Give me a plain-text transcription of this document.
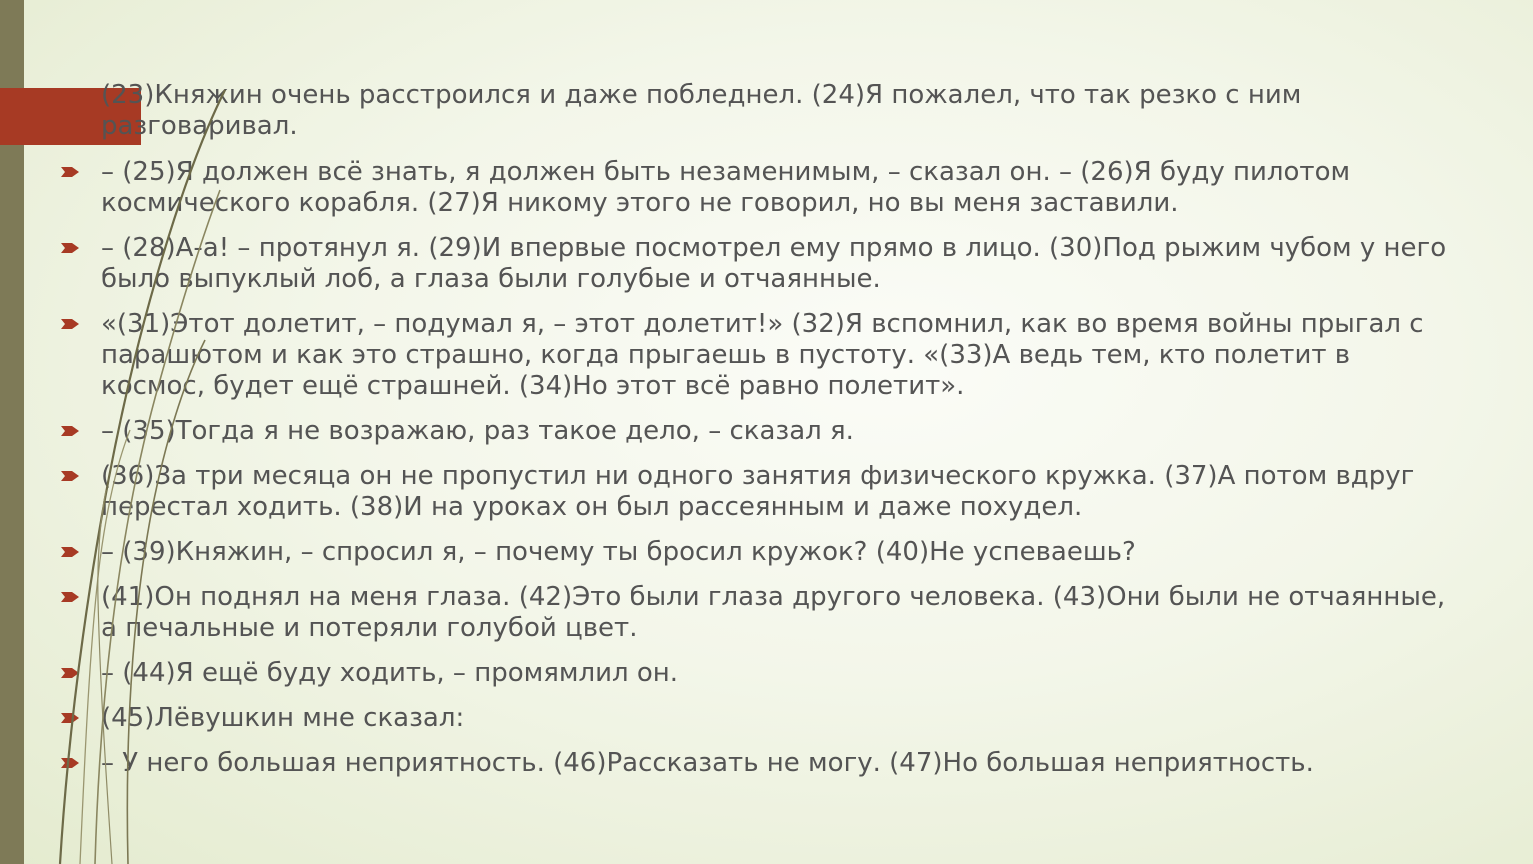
(23)Княжин очень расстроился и даже побледнел. (24)Я пожалел, что так резко с ним разговаривал.
– (25)Я должен всё знать, я должен быть незаменимым, – сказал он. – (26)Я буду пилотом космического корабля. (27)Я никому этого не говорил, но вы меня заставили.
– (28)А-а! – протянул я. (29)И впервые посмотрел ему прямо в лицо. (30)Под рыжим чубом у него было выпуклый лоб, а глаза были голубые и отчаянные.
«(31)Этот долетит, – подумал я, – этот долетит!» (32)Я вспомнил, как во время войны прыгал с парашютом и как это страшно, когда прыгаешь в пустоту. «(33)А ведь тем, кто полетит в космос, будет ещё страшней. (34)Но этот всё равно полетит».
– (35)Тогда я не возражаю, раз такое дело, – сказал я.
(36)За три месяца он не пропустил ни одного занятия физического кружка. (37)А потом вдруг перестал ходить. (38)И на уроках он был рассеянным и даже похудел.
– (39)Княжин, – спросил я, – почему ты бросил кружок? (40)Не успеваешь?
(41)Он поднял на меня глаза. (42)Это были глаза другого человека. (43)Они были не отчаянные, а печальные и потеряли голубой цвет.
– (44)Я ещё буду ходить, – промямлил он.
(45)Лёвушкин мне сказал:
– У него большая неприятность. (46)Рассказать не могу. (47)Но большая неприятность.
